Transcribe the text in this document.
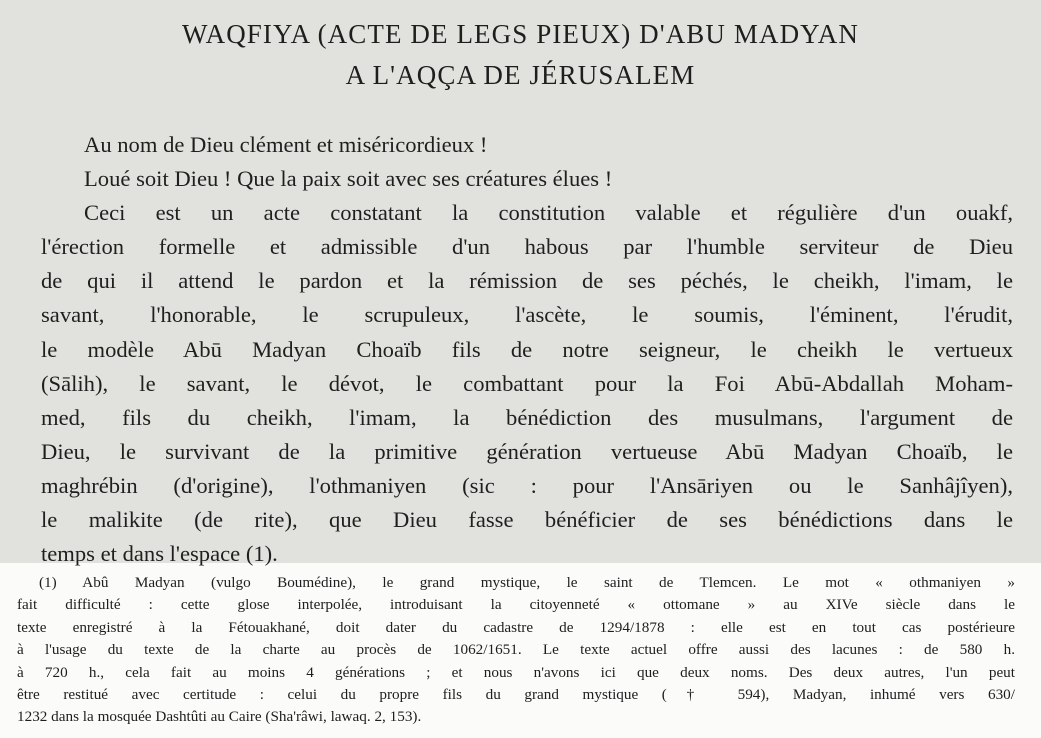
WAQFIYA (ACTE DE LEGS PIEUX) D'ABU MADYAN
A L'AQÇA DE JÉRUSALEM
Au nom de Dieu clément et miséricordieux !
Loué soit Dieu ! Que la paix soit avec ses créatures élues !
Ceci est un acte constatant la constitution valable et régulière d'un ouakf,
l'érection formelle et admissible d'un habous par l'humble serviteur de Dieu
de qui il attend le pardon et la rémission de ses péchés, le cheikh, l'imam, le
savant, l'honorable, le scrupuleux, l'ascète, le soumis, l'éminent, l'érudit,
le modèle Abū Madyan Choaïb fils de notre seigneur, le cheikh le vertueux
(Sālih), le savant, le dévot, le combattant pour la Foi Abū-Abdallah Moham-
med, fils du cheikh, l'imam, la bénédiction des musulmans, l'argument de
Dieu, le survivant de la primitive génération vertueuse Abū Madyan Choaïb, le
maghrébin (d'origine), l'othmaniyen (sic : pour l'Ansāriyen ou le Sanhâjîyen),
le malikite (de rite), que Dieu fasse bénéficier de ses bénédictions dans le
temps et dans l'espace (1).
(1) Abû Madyan (vulgo Boumédine), le grand mystique, le saint de Tlemcen. Le mot « othmaniyen »
fait difficulté : cette glose interpolée, introduisant la citoyenneté « ottomane » au XIVe siècle dans le
texte enregistré à la Fétouakhané, doit dater du cadastre de 1294/1878 : elle est en tout cas postérieure
à l'usage du texte de la charte au procès de 1062/1651. Le texte actuel offre aussi des lacunes : de 580 h.
à 720 h., cela fait au moins 4 générations ; et nous n'avons ici que deux noms. Des deux autres, l'un peut
être restitué avec certitude : celui du propre fils du grand mystique († 594), Madyan, inhumé vers 630/
1232 dans la mosquée Dashtûti au Caire (Sha'râwi, lawaq. 2, 153).
